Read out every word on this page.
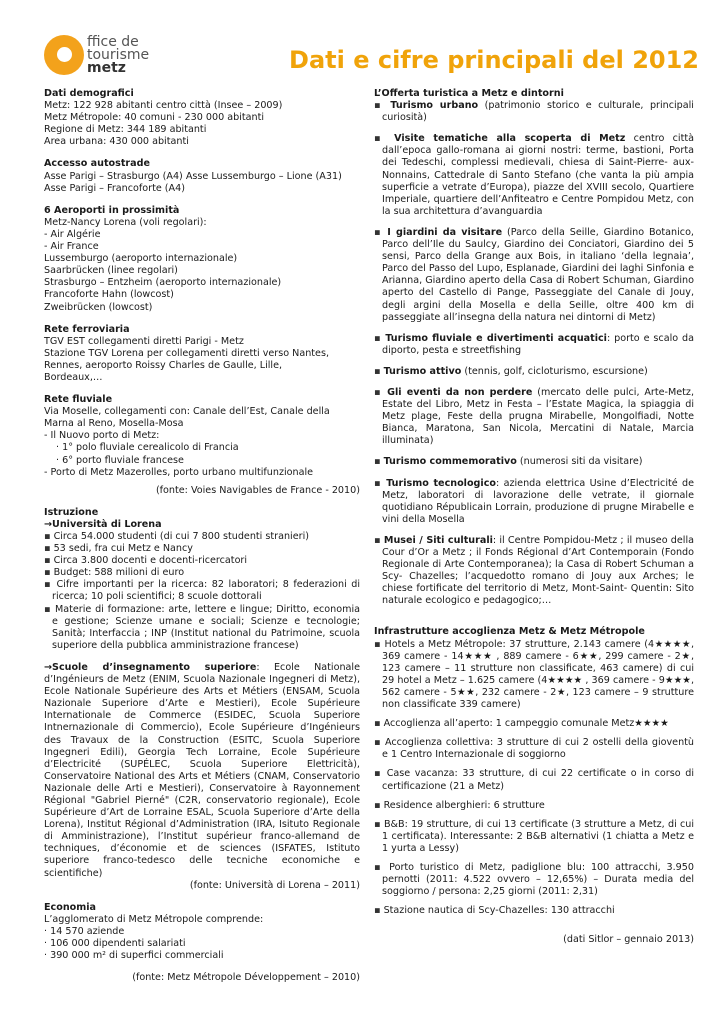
ffice de
tourisme
metz	Dati e cifre principali del 2012

Dati demografici

Metz: 122 928 abitanti centro città (Insee – 2009)

Metz Métropole: 40 comuni - 230 000 abitanti

Regione di Metz: 344 189 abitanti

Area urbana: 430 000 abitanti

Accesso autostrade

Asse Parigi – Strasburgo (A4) Asse Lussemburgo – Lione (A31)

Asse Parigi – Francoforte (A4)

6 Aeroporti in prossimità

Metz-Nancy Lorena (voli regolari):

- Air Algérie

- Air France

Lussemburgo (aeroporto internazionale)

Saarbrücken (linee regolari)

Strasburgo – Entzheim (aeroporto internazionale)

Francoforte Hahn (lowcost)

Zweibrücken (lowcost)

Rete ferroviaria

TGV EST collegamenti diretti Parigi - Metz

Stazione TGV Lorena per collegamenti diretti verso Nantes,

Rennes, aeroporto Roissy Charles de Gaulle, Lille,

Bordeaux,…

Rete fluviale

Via Moselle, collegamenti con: Canale dell’Est, Canale della

Marna al Reno, Mosella-Mosa

- Il Nuovo porto di Metz:

· 1° polo fluviale cerealicolo di Francia

· 6° porto fluviale francese

- Porto di Metz Mazerolles, porto urbano multifunzionale

(fonte: Voies Navigables de France - 2010)

Istruzione

→Università di Lorena

▪ Circa 54.000 studenti (di cui 7 800 studenti stranieri)

▪ 53 sedi, fra cui Metz e Nancy

▪ Circa 3.800 docenti e docenti-ricercatori

▪ Budget: 588 milioni di euro

▪ Cifre importanti per la ricerca: 82 laboratori; 8 federazioni di ricerca; 10 poli scientifici; 8 scuole dottorali

▪ Materie di formazione: arte, lettere e lingue; Diritto, economia e gestione; Scienze umane e sociali; Scienze e tecnologie; Sanità; Interfaccia ; INP (Institut national du Patrimoine, scuola superiore della pubblica amministrazione francese)

→Scuole d’insegnamento superiore: Ecole Nationale d’Ingénieurs de Metz (ENIM, Scuola Nazionale Ingegneri di Metz), Ecole Nationale Supérieure des Arts et Métiers (ENSAM, Scuola Nazionale Superiore d’Arte e Mestieri), Ecole Supérieure Internationale de Commerce (ESIDEC, Scuola Superiore Intnernazionale di Commercio), Ecole Supérieure d’Ingénieurs des Travaux de la Construction (ESITC, Scuola Superiore Ingegneri Edili), Georgia Tech Lorraine, Ecole Supérieure d’Electricité (SUPÉLEC, Scuola Superiore Elettricità), Conservatoire National des Arts et Métiers (CNAM, Conservatorio Nazionale delle Arti e Mestieri), Conservatoire à Rayonnement Régional "Gabriel Pierné" (C2R, conservatorio regionale), Ecole Supérieure d’Art de Lorraine ESAL, Scuola Superiore d’Arte della Lorena), Institut Régional d’Administration (IRA, Isituto Regionale di Amministrazione), l’Institut supérieur franco-allemand de techniques, d’économie et de sciences (ISFATES, Istituto superiore franco-tedesco delle tecniche economiche e scientifiche)

(fonte: Università di Lorena – 2011)

Economia

L’agglomerato di Metz Métropole comprende:

· 14 570 aziende

· 106 000 dipendenti salariati

· 390 000 m² di superfici commerciali

(fonte: Metz Métropole Développement – 2010)

L’Offerta turistica a Metz e dintorni

▪ Turismo urbano (patrimonio storico e culturale, principali curiosità)

▪ Visite tematiche alla scoperta di Metz centro città dall’epoca gallo-romana ai giorni nostri: terme, bastioni, Porta dei Tedeschi, complessi medievali, chiesa di Saint-Pierre- aux-Nonnains, Cattedrale di Santo Stefano (che vanta la più ampia superficie a vetrate d’Europa), piazze del XVIII secolo, Quartiere Imperiale, quartiere dell’Anfiteatro e Centre Pompidou Metz, con la sua architettura d’avanguardia

▪ I giardini da visitare (Parco della Seille, Giardino Botanico, Parco dell’Ile du Saulcy, Giardino dei Conciatori, Giardino dei 5 sensi, Parco della Grange aux Bois, in italiano ‘della legnaia’, Parco del Passo del Lupo, Esplanade, Giardini dei laghi Sinfonia e Arianna, Giardino aperto della Casa di Robert Schuman, Giardino aperto del Castello di Pange, Passeggiate del Canale di Jouy, degli argini della Mosella e della Seille, oltre 400 km di passeggiate all’insegna della natura nei dintorni di Metz)

▪ Turismo fluviale e divertimenti acquatici: porto e scalo da diporto, pesta e streetfishing

▪ Turismo attivo (tennis, golf, cicloturismo, escursione)

▪ Gli eventi da non perdere (mercato delle pulci, Arte-Metz, Estate del Libro, Metz in Festa – l’Estate Magica, la spiaggia di Metz plage, Feste della prugna Mirabelle, Mongolfiadi, Notte Bianca, Maratona, San Nicola, Mercatini di Natale, Marcia illuminata)

▪ Turismo commemorativo (numerosi siti da visitare)

▪ Turismo tecnologico: azienda elettrica Usine d’Electricité de Metz, laboratori di lavorazione delle vetrate, il giornale quotidiano Républicain Lorrain, produzione di prugne Mirabelle e vini della Mosella

▪ Musei / Siti culturali: il Centre Pompidou-Metz ; il museo della Cour d’Or a Metz ; il Fonds Régional d’Art Contemporain (Fondo Regionale di Arte Contemporanea); la Casa di Robert Schuman a Scy- Chazelles; l’acquedotto romano di Jouy aux Arches; le chiese fortificate del territorio di Metz, Mont-Saint- Quentin: Sito naturale ecologico e pedagogico;…

Infrastrutture accoglienza Metz & Metz Métropole

▪ Hotels a Metz Métropole: 37 strutture, 2.143 camere (4★★★★, 369 camere - 14★★★ , 889 camere - 6★★, 299 camere - 2★, 123 camere – 11 strutture non classificate, 463 camere) di cui 29 hotel a Metz – 1.625 camere (4★★★★ , 369 camere - 9★★★, 562 camere - 5★★, 232 camere - 2★, 123 camere – 9 strutture non classificate 339 camere)

▪ Accoglienza all’aperto: 1 campeggio comunale Metz★★★★

▪ Accoglienza collettiva: 3 strutture di cui 2 ostelli della gioventù e 1 Centro Internazionale di soggiorno

▪ Case vacanza: 33 strutture, di cui 22 certificate o in corso di certificazione (21 a Metz)

▪ Residence alberghieri: 6 strutture

▪ B&B: 19 strutture, di cui 13 certificate (3 strutture a Metz, di cui 1 certificata). Interessante: 2 B&B alternativi (1 chiatta a Metz e 1 yurta a Lessy)

▪ Porto turistico di Metz, padiglione blu: 100 attracchi, 3.950 pernotti (2011: 4.522 ovvero – 12,65%) – Durata media del soggiorno / persona: 2,25 giorni (2011: 2,31)

▪ Stazione nautica di Scy-Chazelles: 130 attracchi

(dati Sitlor – gennaio 2013)
